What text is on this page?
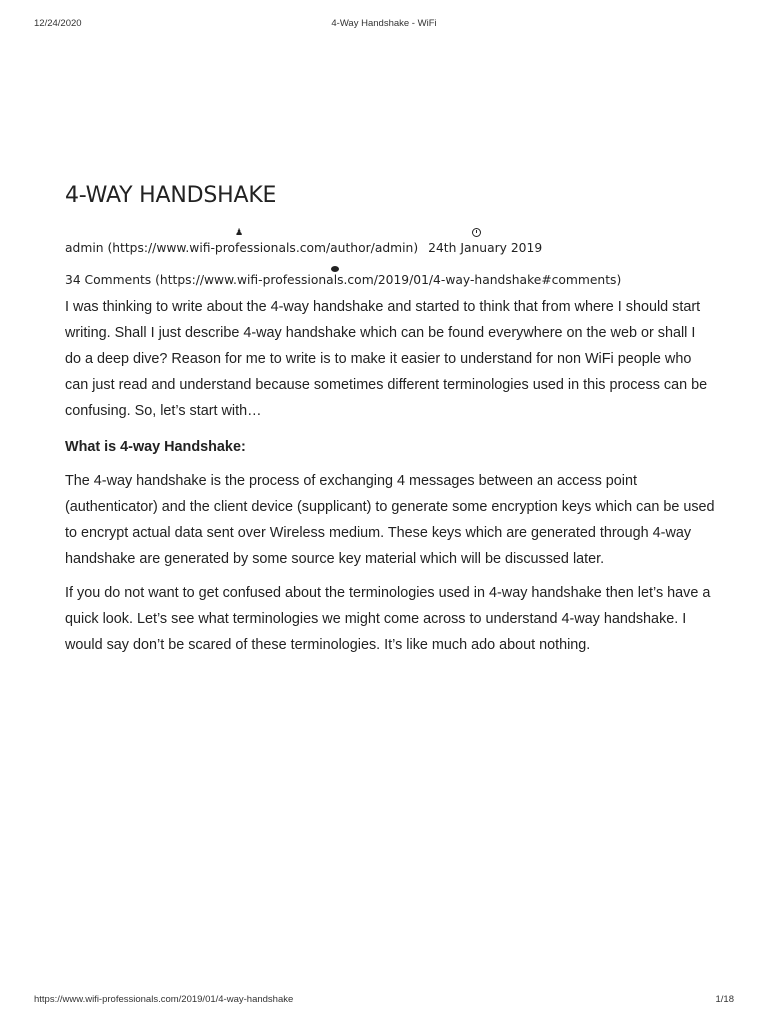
12/24/2020	4-Way Handshake - WiFi
4-WAY HANDSHAKE
♟
admin (https://www.wifi-professionals.com/author/admin) 24th January 2019
34 Comments (https://www.wifi-professionals.com/2019/01/4-way-handshake#comments)

I was thinking to write about the 4-way handshake and started to think that from where I should start writing. Shall I just describe 4-way handshake which can be found everywhere on the web or shall I do a deep dive? Reason for me to write is to make it easier to understand for non WiFi people who can just read and understand because sometimes different terminologies used in this process can be confusing. So, let’s start with…

What is 4-way Handshake:

The 4-way handshake is the process of exchanging 4 messages between an access point (authenticator) and the client device (supplicant) to generate some encryption keys which can be used to encrypt actual data sent over Wireless medium. These keys which are generated through 4-way handshake are generated by some source key material which will be discussed later.

If you do not want to get confused about the terminologies used in 4-way handshake then let’s have a quick look. Let’s see what terminologies we might come across to understand 4-way handshake. I would say don’t be scared of these terminologies. It’s like much ado about nothing.

https://www.wifi-professionals.com/2019/01/4-way-handshake	1/18
